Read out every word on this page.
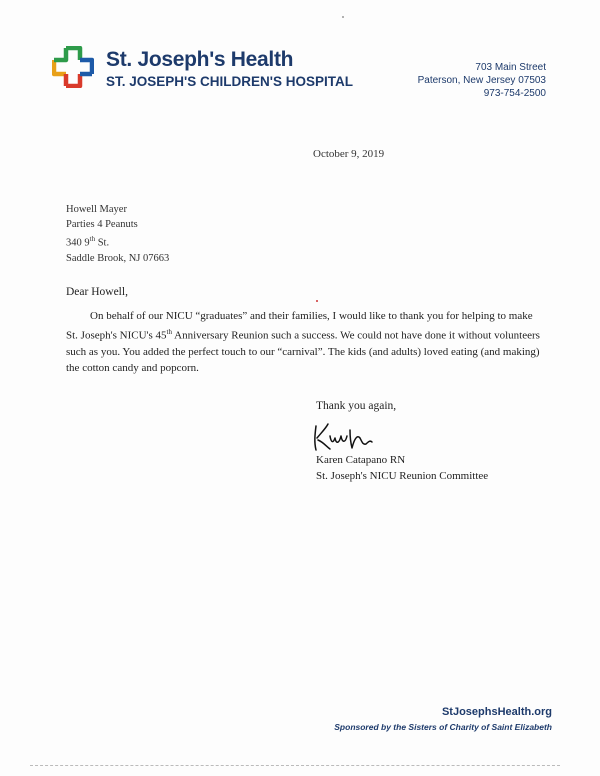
St. Joseph's Health
ST. JOSEPH'S CHILDREN'S HOSPITAL
703 Main Street
Paterson, New Jersey 07503
973-754-2500
October 9, 2019
Howell Mayer
Parties 4 Peanuts
340 9th St.
Saddle Brook, NJ 07663
Dear Howell,
On behalf of our NICU “graduates” and their families, I would like to thank you for helping to make St. Joseph's NICU's 45th Anniversary Reunion such a success. We could not have done it without volunteers such as you. You added the perfect touch to our “carnival”. The kids (and adults) loved eating (and making) the cotton candy and popcorn.
Thank you again,
Karen Catapano RN
St. Joseph's NICU Reunion Committee
StJosephsHealth.org
Sponsored by the Sisters of Charity of Saint Elizabeth
